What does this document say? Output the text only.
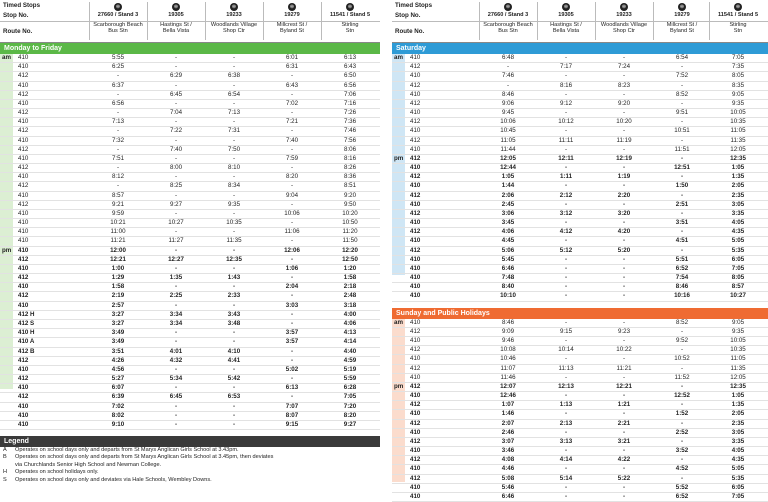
Timed Stops
Stop No.
Route No.
⊜
27660 / Stand 3
Scarborough Beach
Bus Stn
⊜
19305
Hastings St /
Bella Vista
⊜
19233
Woodlands Village
Shop Ctr
⊜
19279
Millcrest St /
Byland St
⊜
11541 / Stand 5
Stirling
Stn
Monday to Friday
am 410	5:55	-	-	6:01	6:13
410	6:25	-	-	6:31	6:43
412	-	6:29	6:38	-	6:50
410	6:37	-	-	6:43	6:56
412	-	6:45	6:54	-	7:06
410	6:56	-	-	7:02	7:16
412	-	7:04	7:13	-	7:26
410	7:13	-	-	7:21	7:36
412	-	7:22	7:31	-	7:46
410	7:32	-	-	7:40	7:56
412	-	7:40	7:50	-	8:06
410	7:51	-	-	7:59	8:16
412	-	8:00	8:10	-	8:26
410	8:12	-	-	8:20	8:36
412	-	8:25	8:34	-	8:51
410	8:57	-	-	9:04	9:20
412	9:21	9:27	9:35	-	9:50
410	9:59	-	-	10:06	10:20
410	10:21	10:27	10:35	-	10:50
410	11:00	-	-	11:06	11:20
410	11:21	11:27	11:35	-	11:50
pm 410	12:00	-	-	12:06	12:20
412	12:21	12:27	12:35	-	12:50
410	1:00	-	-	1:06	1:20
412	1:29	1:35	1:43	-	1:58
410	1:58	-	-	2:04	2:18
412	2:19	2:25	2:33	-	2:48
410	2:57	-	-	3:03	3:18
412 H	3:27	3:34	3:43	-	4:00
412 S	3:27	3:34	3:48	-	4:06
410 H	3:49	-	-	3:57	4:13
410 A	3:49	-	-	3:57	4:14
412 B	3:51	4:01	4:10	-	4:40
412	4:26	4:32	4:41	-	4:59
410	4:56	-	-	5:02	5:19
412	5:27	5:34	5:42	-	5:59
410	6:07	-	-	6:13	6:28
412	6:39	6:45	6:53	-	7:05
410	7:02	-	-	7:07	7:20
410	8:02	-	-	8:07	8:20
410	9:10	-	-	9:15	9:27
Legend
A Operates on school days only and departs from St Marys Anglican Girls School at 3.43pm.
B Operates on school days only and departs from St Marys Anglican Girls School at 3.45pm, then deviates
via Churchlands Senior High School and Newman College.
H Operates on school holidays only.
S Operates on school days only and deviates via Hale Schools, Wembley Downs.
Timed Stops
Stop No.
Route No.
⊜
27660 / Stand 3
Scarborough Beach
Bus Stn
⊜
19305
Hastings St /
Bella Vista
⊜
19233
Woodlands Village
Shop Ctr
⊜
19279
Millcrest St /
Byland St
⊜
11541 / Stand 5
Stirling
Stn
Saturday
am 410	6:48	-	-	6:54	7:05
412	-	7:17	7:24	-	7:35
410	7:46	-	-	7:52	8:05
412	-	8:16	8:23	-	8:35
410	8:46	-	-	8:52	9:05
412	9:06	9:12	9:20	-	9:35
410	9:45	-	-	9:51	10:05
412	10:06	10:12	10:20	-	10:35
410	10:45	-	-	10:51	11:05
412	11:05	11:11	11:19	-	11:35
410	11:44	-	-	11:51	12:05
pm 412	12:05	12:11	12:19	-	12:35
410	12:44	-	-	12:51	1:05
412	1:05	1:11	1:19	-	1:35
410	1:44	-	-	1:50	2:05
412	2:06	2:12	2:20	-	2:35
410	2:45	-	-	2:51	3:05
412	3:06	3:12	3:20	-	3:35
410	3:45	-	-	3:51	4:05
412	4:06	4:12	4:20	-	4:35
410	4:45	-	-	4:51	5:05
412	5:06	5:12	5:20	-	5:35
410	5:45	-	-	5:51	6:05
410	6:46	-	-	6:52	7:05
410	7:48	-	-	7:54	8:05
410	8:40	-	-	8:46	8:57
410	10:10	-	-	10:16	10:27
Sunday and Public Holidays
am 410	8:46	-	-	8:52	9:05
412	9:09	9:15	9:23	-	9:35
410	9:46	-	-	9:52	10:05
412	10:08	10:14	10:22	-	10:35
410	10:46	-	-	10:52	11:05
412	11:07	11:13	11:21	-	11:35
410	11:46	-	-	11:52	12:05
pm 412	12:07	12:13	12:21	-	12:35
410	12:46	-	-	12:52	1:05
412	1:07	1:13	1:21	-	1:35
410	1:46	-	-	1:52	2:05
412	2:07	2:13	2:21	-	2:35
410	2:46	-	-	2:52	3:05
412	3:07	3:13	3:21	-	3:35
410	3:46	-	-	3:52	4:05
412	4:08	4:14	4:22	-	4:35
410	4:46	-	-	4:52	5:05
412	5:08	5:14	5:22	-	5:35
410	5:46	-	-	5:52	6:05
410	6:46	-	-	6:52	7:05
